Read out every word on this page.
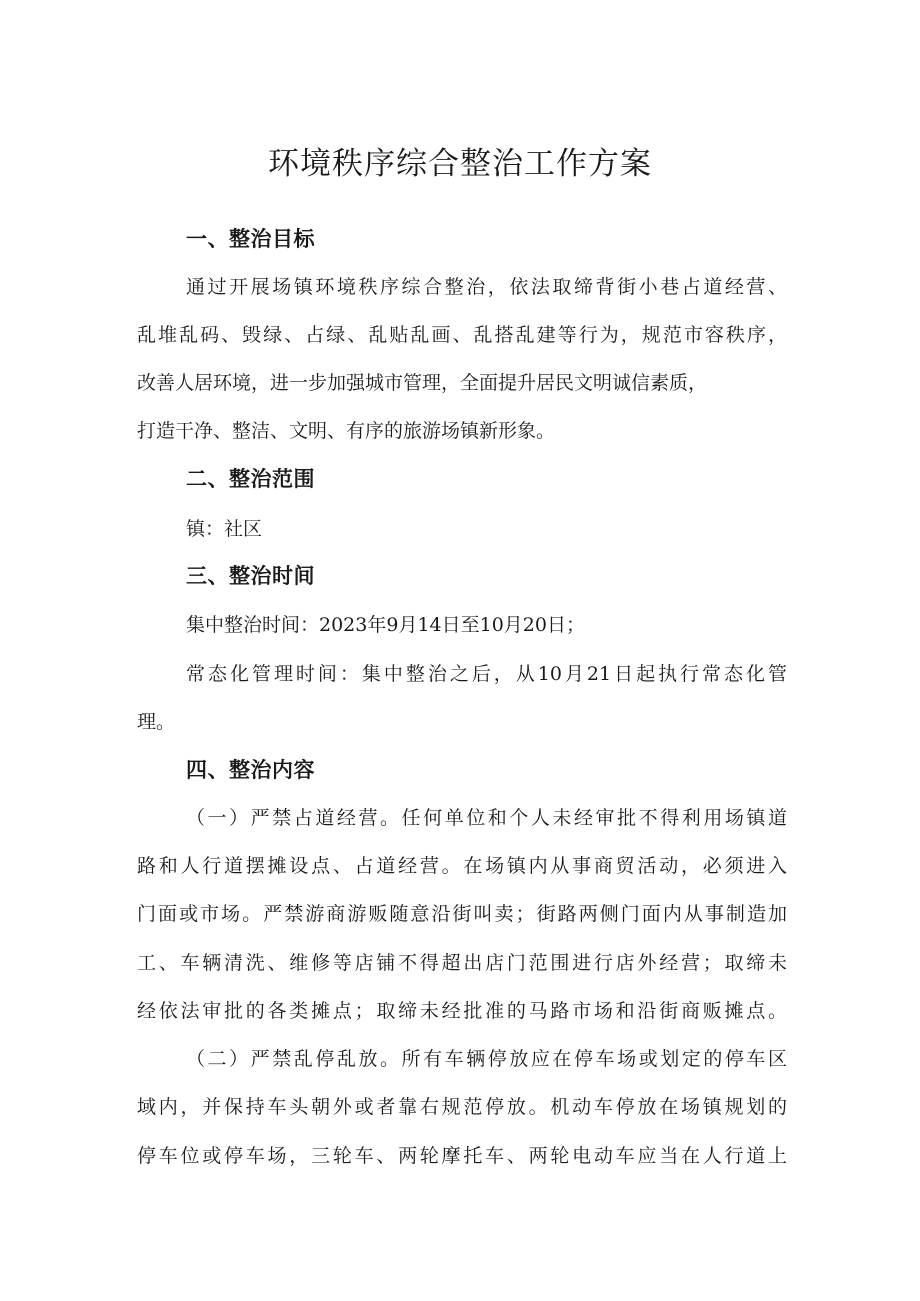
环境秩序综合整治工作方案
一、整治目标
通过开展场镇环境秩序综合整治，依法取缔背街小巷占道经营、
乱堆乱码、毁绿、占绿、乱贴乱画、乱搭乱建等行为，规范市容秩序，
改善人居环境，进一步加强城市管理，全面提升居民文明诚信素质，
打造干净、整洁、文明、有序的旅游场镇新形象。
二、整治范围
镇：社区
三、整治时间
集中整治时间：2023年9月14日至10月20日；
常态化管理时间：集中整治之后，从10月21日起执行常态化管
理。
四、整治内容
（一）严禁占道经营。任何单位和个人未经审批不得利用场镇道
路和人行道摆摊设点、占道经营。在场镇内从事商贸活动，必须进入
门面或市场。严禁游商游贩随意沿街叫卖；街路两侧门面内从事制造加
工、车辆清洗、维修等店铺不得超出店门范围进行店外经营；取缔未
经依法审批的各类摊点；取缔未经批准的马路市场和沿街商贩摊点。
（二）严禁乱停乱放。所有车辆停放应在停车场或划定的停车区
域内，并保持车头朝外或者靠右规范停放。机动车停放在场镇规划的
停车位或停车场，三轮车、两轮摩托车、两轮电动车应当在人行道上
